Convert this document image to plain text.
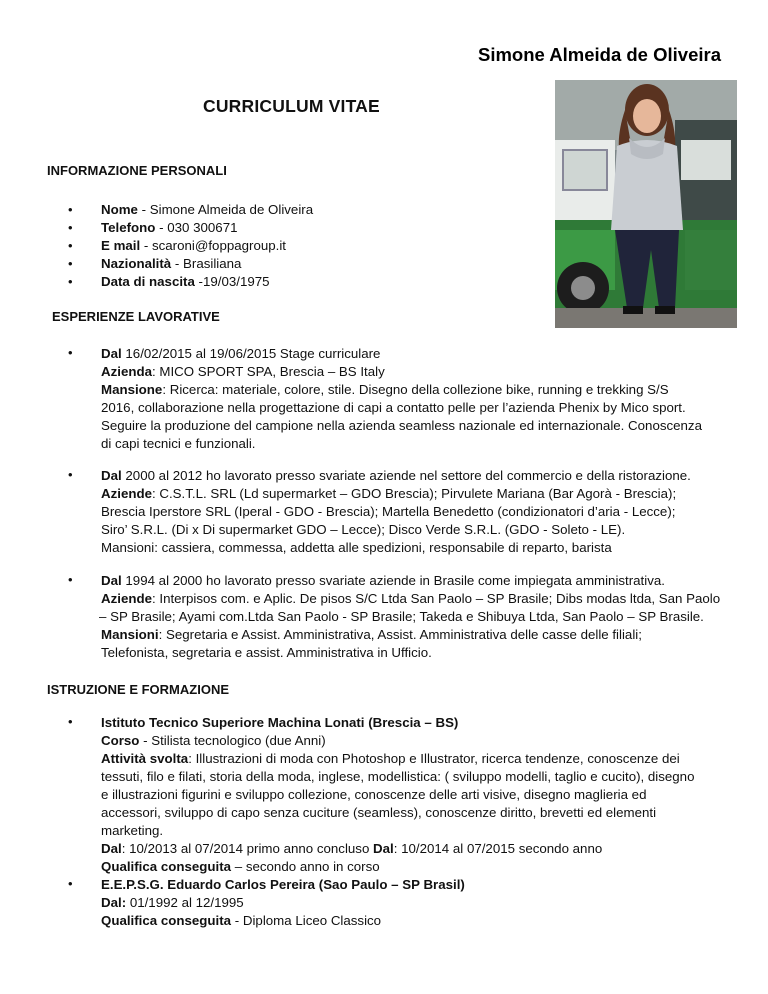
Simone Almeida de Oliveira
CURRICULUM VITAE
INFORMAZIONE PERSONALI
• Nome - Simone Almeida de Oliveira
• Telefono - 030 300671
• E mail - scaroni@foppagroup.it
• Nazionalità - Brasiliana
• Data di nascita -19/03/1975
ESPERIENZE LAVORATIVE
• Dal 16/02/2015 al 19/06/2015 Stage curriculare
Azienda: MICO SPORT SPA, Brescia – BS Italy
Mansione: Ricerca: materiale, colore, stile. Disegno della collezione bike, running e trekking S/S
2016, collaborazione nella progettazione di capi a contatto pelle per l’azienda Phenix by Mico sport.
Seguire la produzione del campione nella azienda seamless nazionale ed internazionale. Conoscenza
di capi tecnici e funzionali.
• Dal 2000 al 2012 ho lavorato presso svariate aziende nel settore del commercio e della ristorazione.
Aziende: C.S.T.L. SRL (Ld supermarket – GDO Brescia); Pirvulete Mariana (Bar Agorà - Brescia);
Brescia Iperstore SRL (Iperal - GDO - Brescia); Martella Benedetto (condizionatori d’aria - Lecce);
Siro’ S.R.L. (Di x Di supermarket GDO – Lecce); Disco Verde S.R.L. (GDO - Soleto - LE).
Mansioni: cassiera, commessa, addetta alle spedizioni, responsabile di reparto, barista
• Dal 1994 al 2000 ho lavorato presso svariate aziende in Brasile come impiegata amministrativa.
Aziende: Interpisos com. e Aplic. De pisos S/C Ltda San Paolo – SP Brasile; Dibs modas ltda, San Paolo
– SP Brasile; Ayami com.Ltda San Paolo - SP Brasile; Takeda e Shibuya Ltda, San Paolo – SP Brasile.
Mansioni: Segretaria e Assist. Amministrativa, Assist. Amministrativa delle casse delle filiali;
Telefonista, segretaria e assist. Amministrativa in Ufficio.
ISTRUZIONE E FORMAZIONE
• Istituto Tecnico Superiore Machina Lonati (Brescia – BS)
Corso - Stilista tecnologico (due Anni)
Attività svolta: Illustrazioni di moda con Photoshop e Illustrator, ricerca tendenze, conoscenze dei
tessuti, filo e filati, storia della moda, inglese, modellistica: ( sviluppo modelli, taglio e cucito), disegno
e illustrazioni figurini e sviluppo collezione, conoscenze delle arti visive, disegno maglieria ed
accessori, sviluppo di capo senza cuciture (seamless), conoscenze diritto, brevetti ed elementi
marketing.
Dal: 10/2013 al 07/2014 primo anno concluso Dal: 10/2014 al 07/2015 secondo anno
Qualifica conseguita – secondo anno in corso
• E.E.P.S.G. Eduardo Carlos Pereira (Sao Paulo – SP Brasil)
Dal: 01/1992 al 12/1995
Qualifica conseguita - Diploma Liceo Classico
